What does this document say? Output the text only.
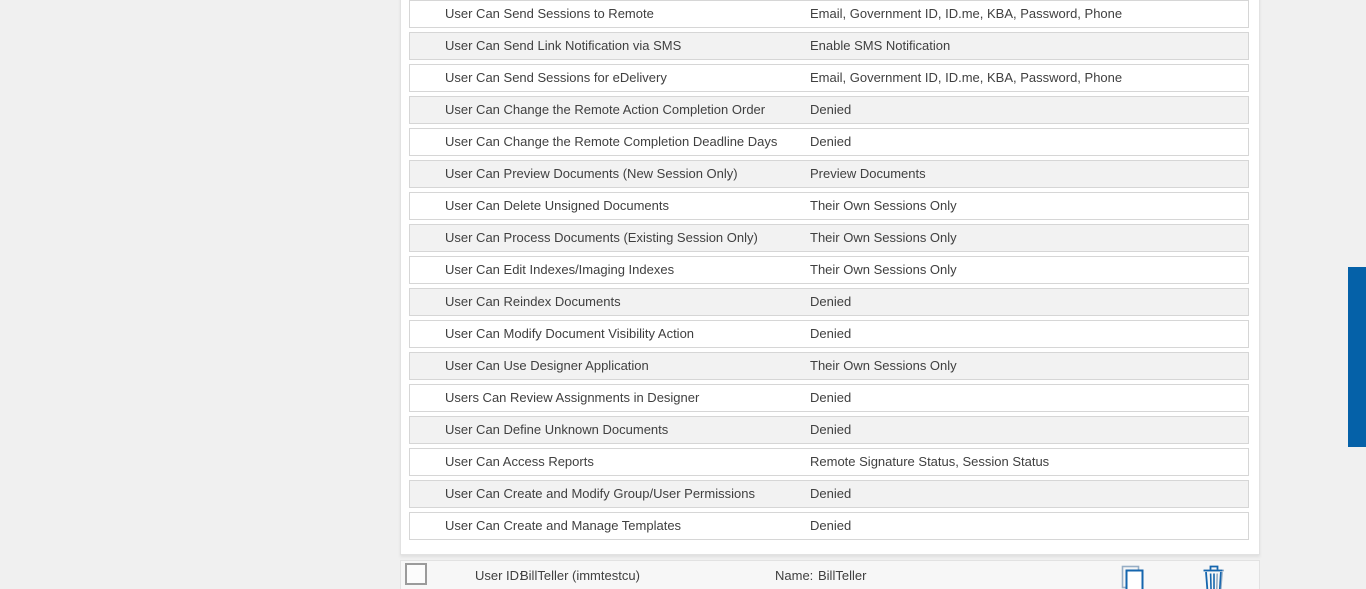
User Can Send Sessions to Remote	Email, Government ID, ID.me, KBA, Password, Phone
User Can Send Link Notification via SMS	Enable SMS Notification
User Can Send Sessions for eDelivery	Email, Government ID, ID.me, KBA, Password, Phone
User Can Change the Remote Action Completion Order	Denied
User Can Change the Remote Completion Deadline Days	Denied
User Can Preview Documents (New Session Only)	Preview Documents
User Can Delete Unsigned Documents	Their Own Sessions Only
User Can Process Documents (Existing Session Only)	Their Own Sessions Only
User Can Edit Indexes/Imaging Indexes	Their Own Sessions Only
User Can Reindex Documents	Denied
User Can Modify Document Visibility Action	Denied
User Can Use Designer Application	Their Own Sessions Only
Users Can Review Assignments in Designer	Denied
User Can Define Unknown Documents	Denied
User Can Access Reports	Remote Signature Status, Session Status
User Can Create and Modify Group/User Permissions	Denied
User Can Create and Manage Templates	Denied
User ID:
BillTeller (immtestcu)	Name: BillTeller
